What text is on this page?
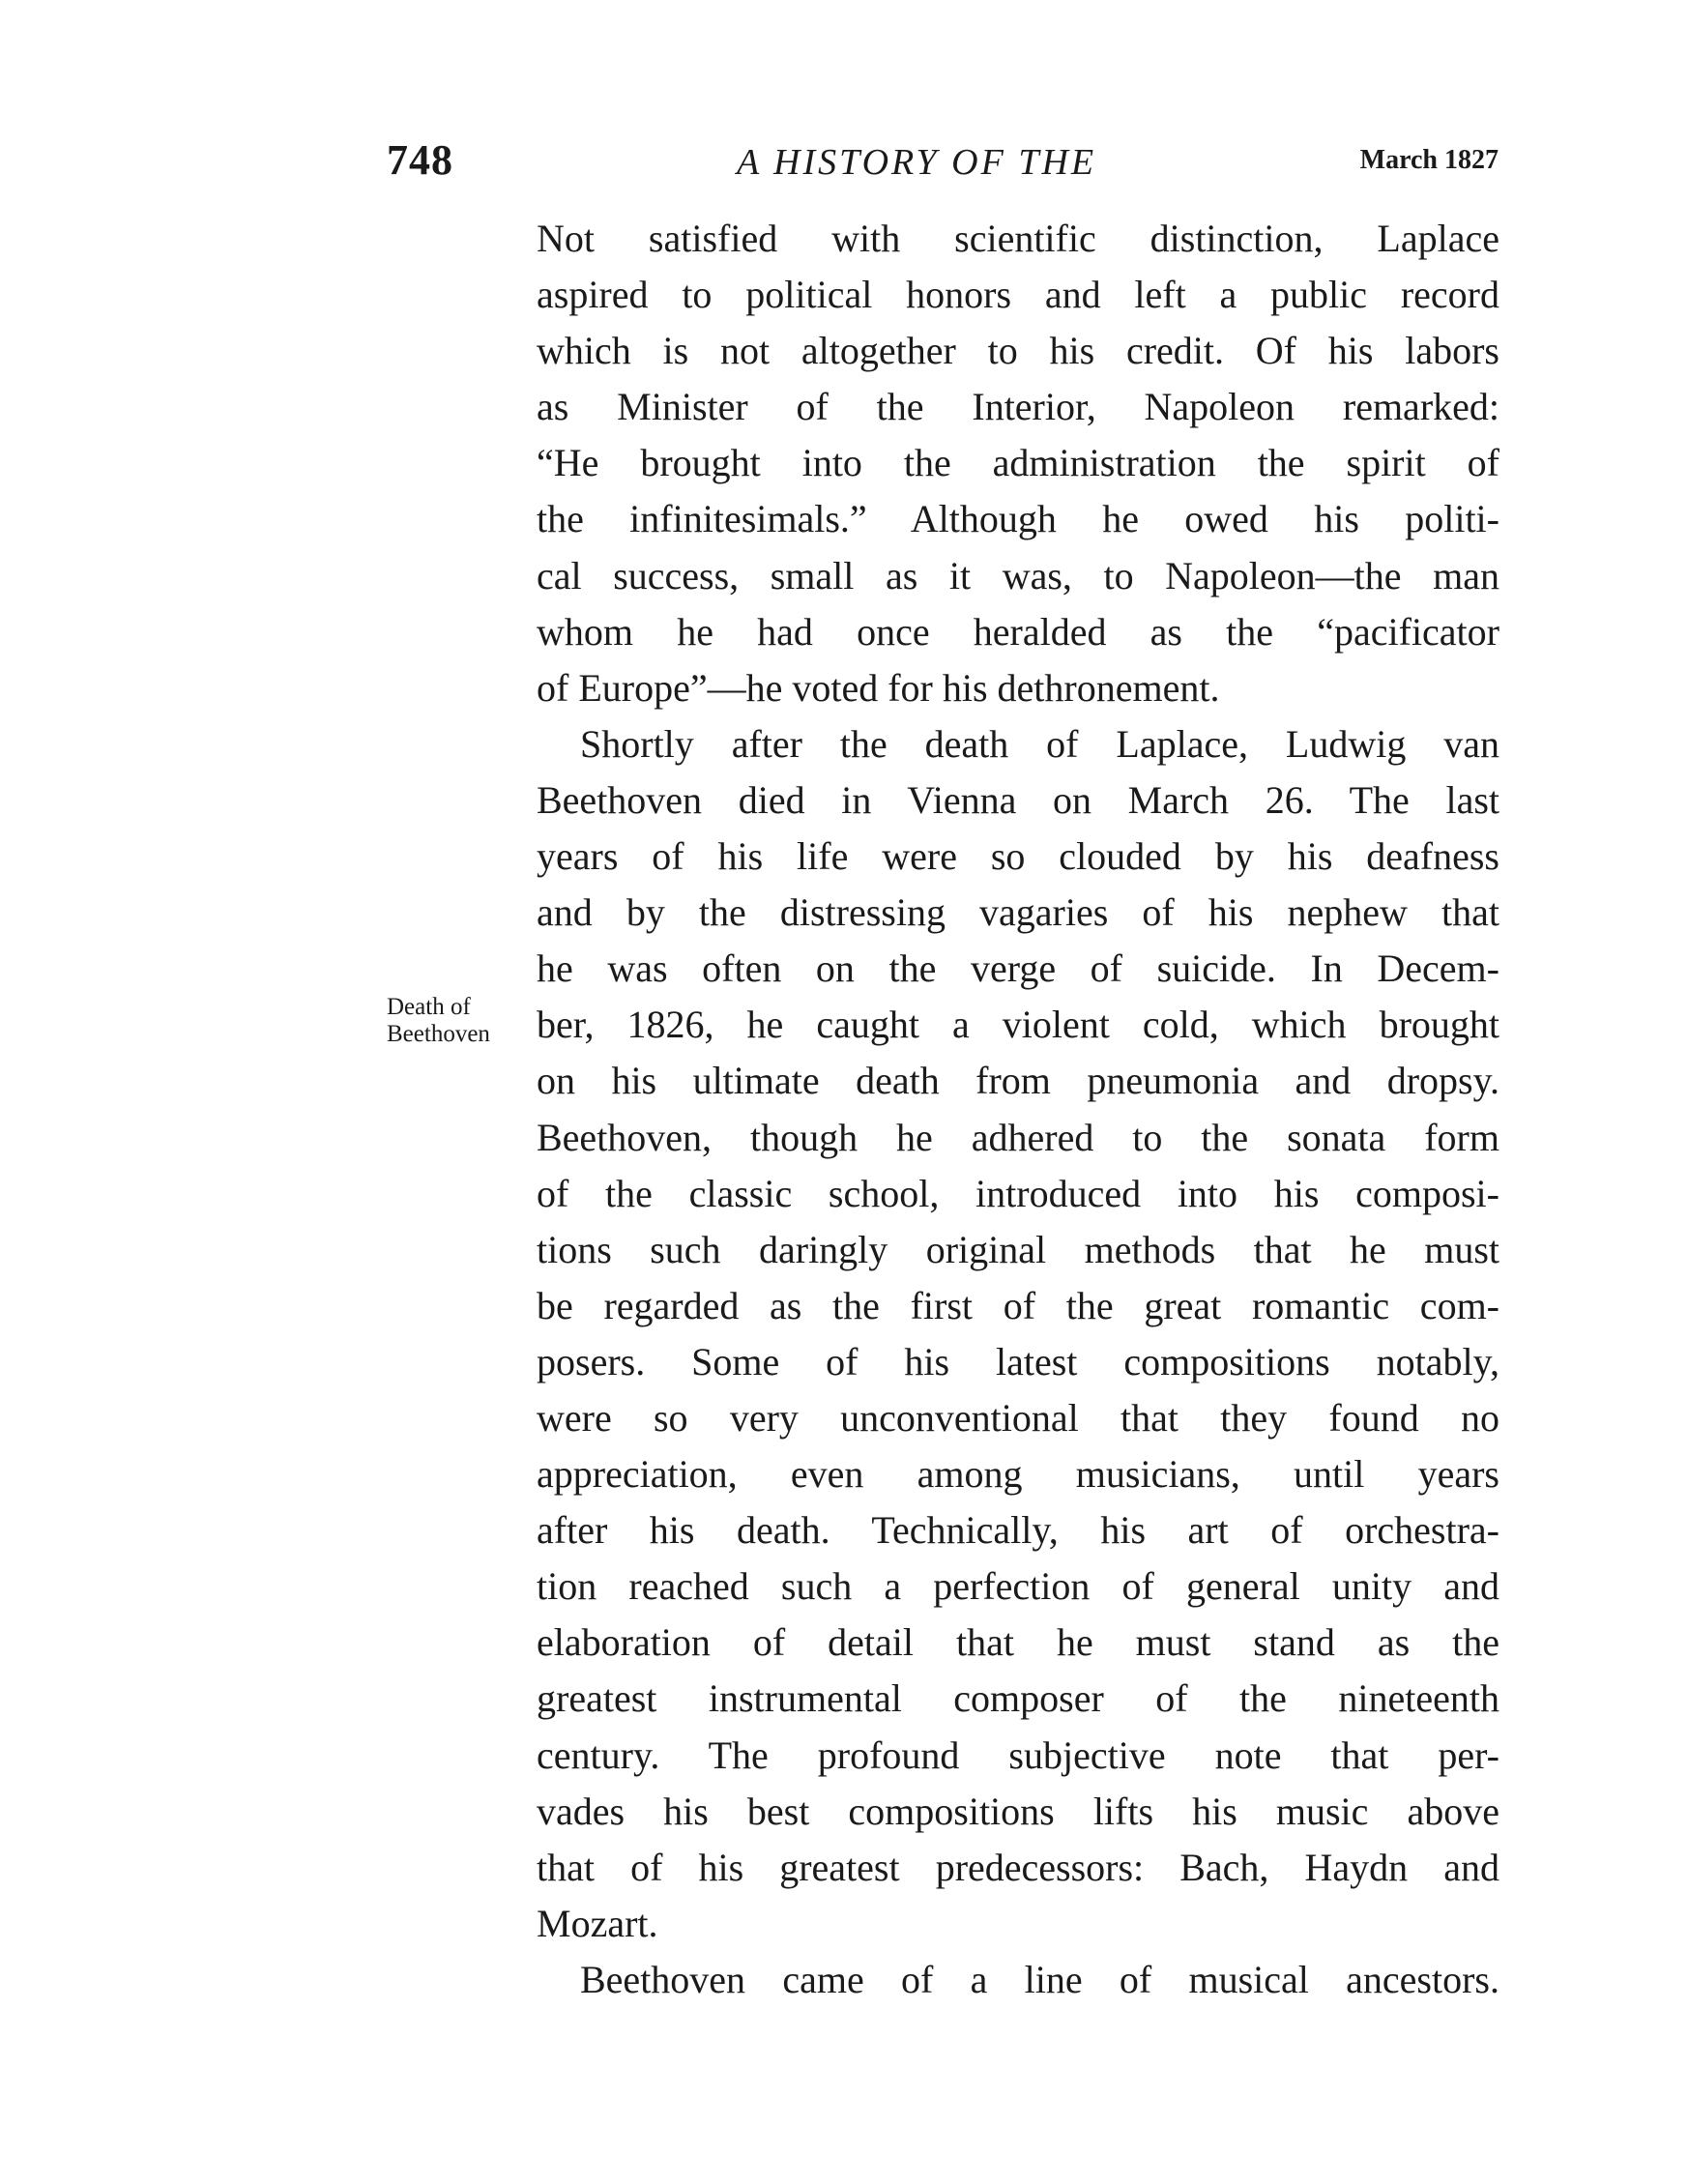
748	A HISTORY OF THE	March 1827
Death of
Beethoven
Not satisfied with scientific distinction, Laplace
aspired to political honors and left a public record
which is not altogether to his credit. Of his labors
as Minister of the Interior, Napoleon remarked:
“He brought into the administration the spirit of
the infinitesimals.” Although he owed his politi-
cal success, small as it was, to Napoleon—the man
whom he had once heralded as the “pacificator
of Europe”—he voted for his dethronement.
Shortly after the death of Laplace, Ludwig van
Beethoven died in Vienna on March 26. The last
years of his life were so clouded by his deafness
and by the distressing vagaries of his nephew that
he was often on the verge of suicide. In Decem-
ber, 1826, he caught a violent cold, which brought
on his ultimate death from pneumonia and dropsy.
Beethoven, though he adhered to the sonata form
of the classic school, introduced into his composi-
tions such daringly original methods that he must
be regarded as the first of the great romantic com-
posers. Some of his latest compositions notably,
were so very unconventional that they found no
appreciation, even among musicians, until years
after his death. Technically, his art of orchestra-
tion reached such a perfection of general unity and
elaboration of detail that he must stand as the
greatest instrumental composer of the nineteenth
century. The profound subjective note that per-
vades his best compositions lifts his music above
that of his greatest predecessors: Bach, Haydn and
Mozart.
Beethoven came of a line of musical ancestors.
